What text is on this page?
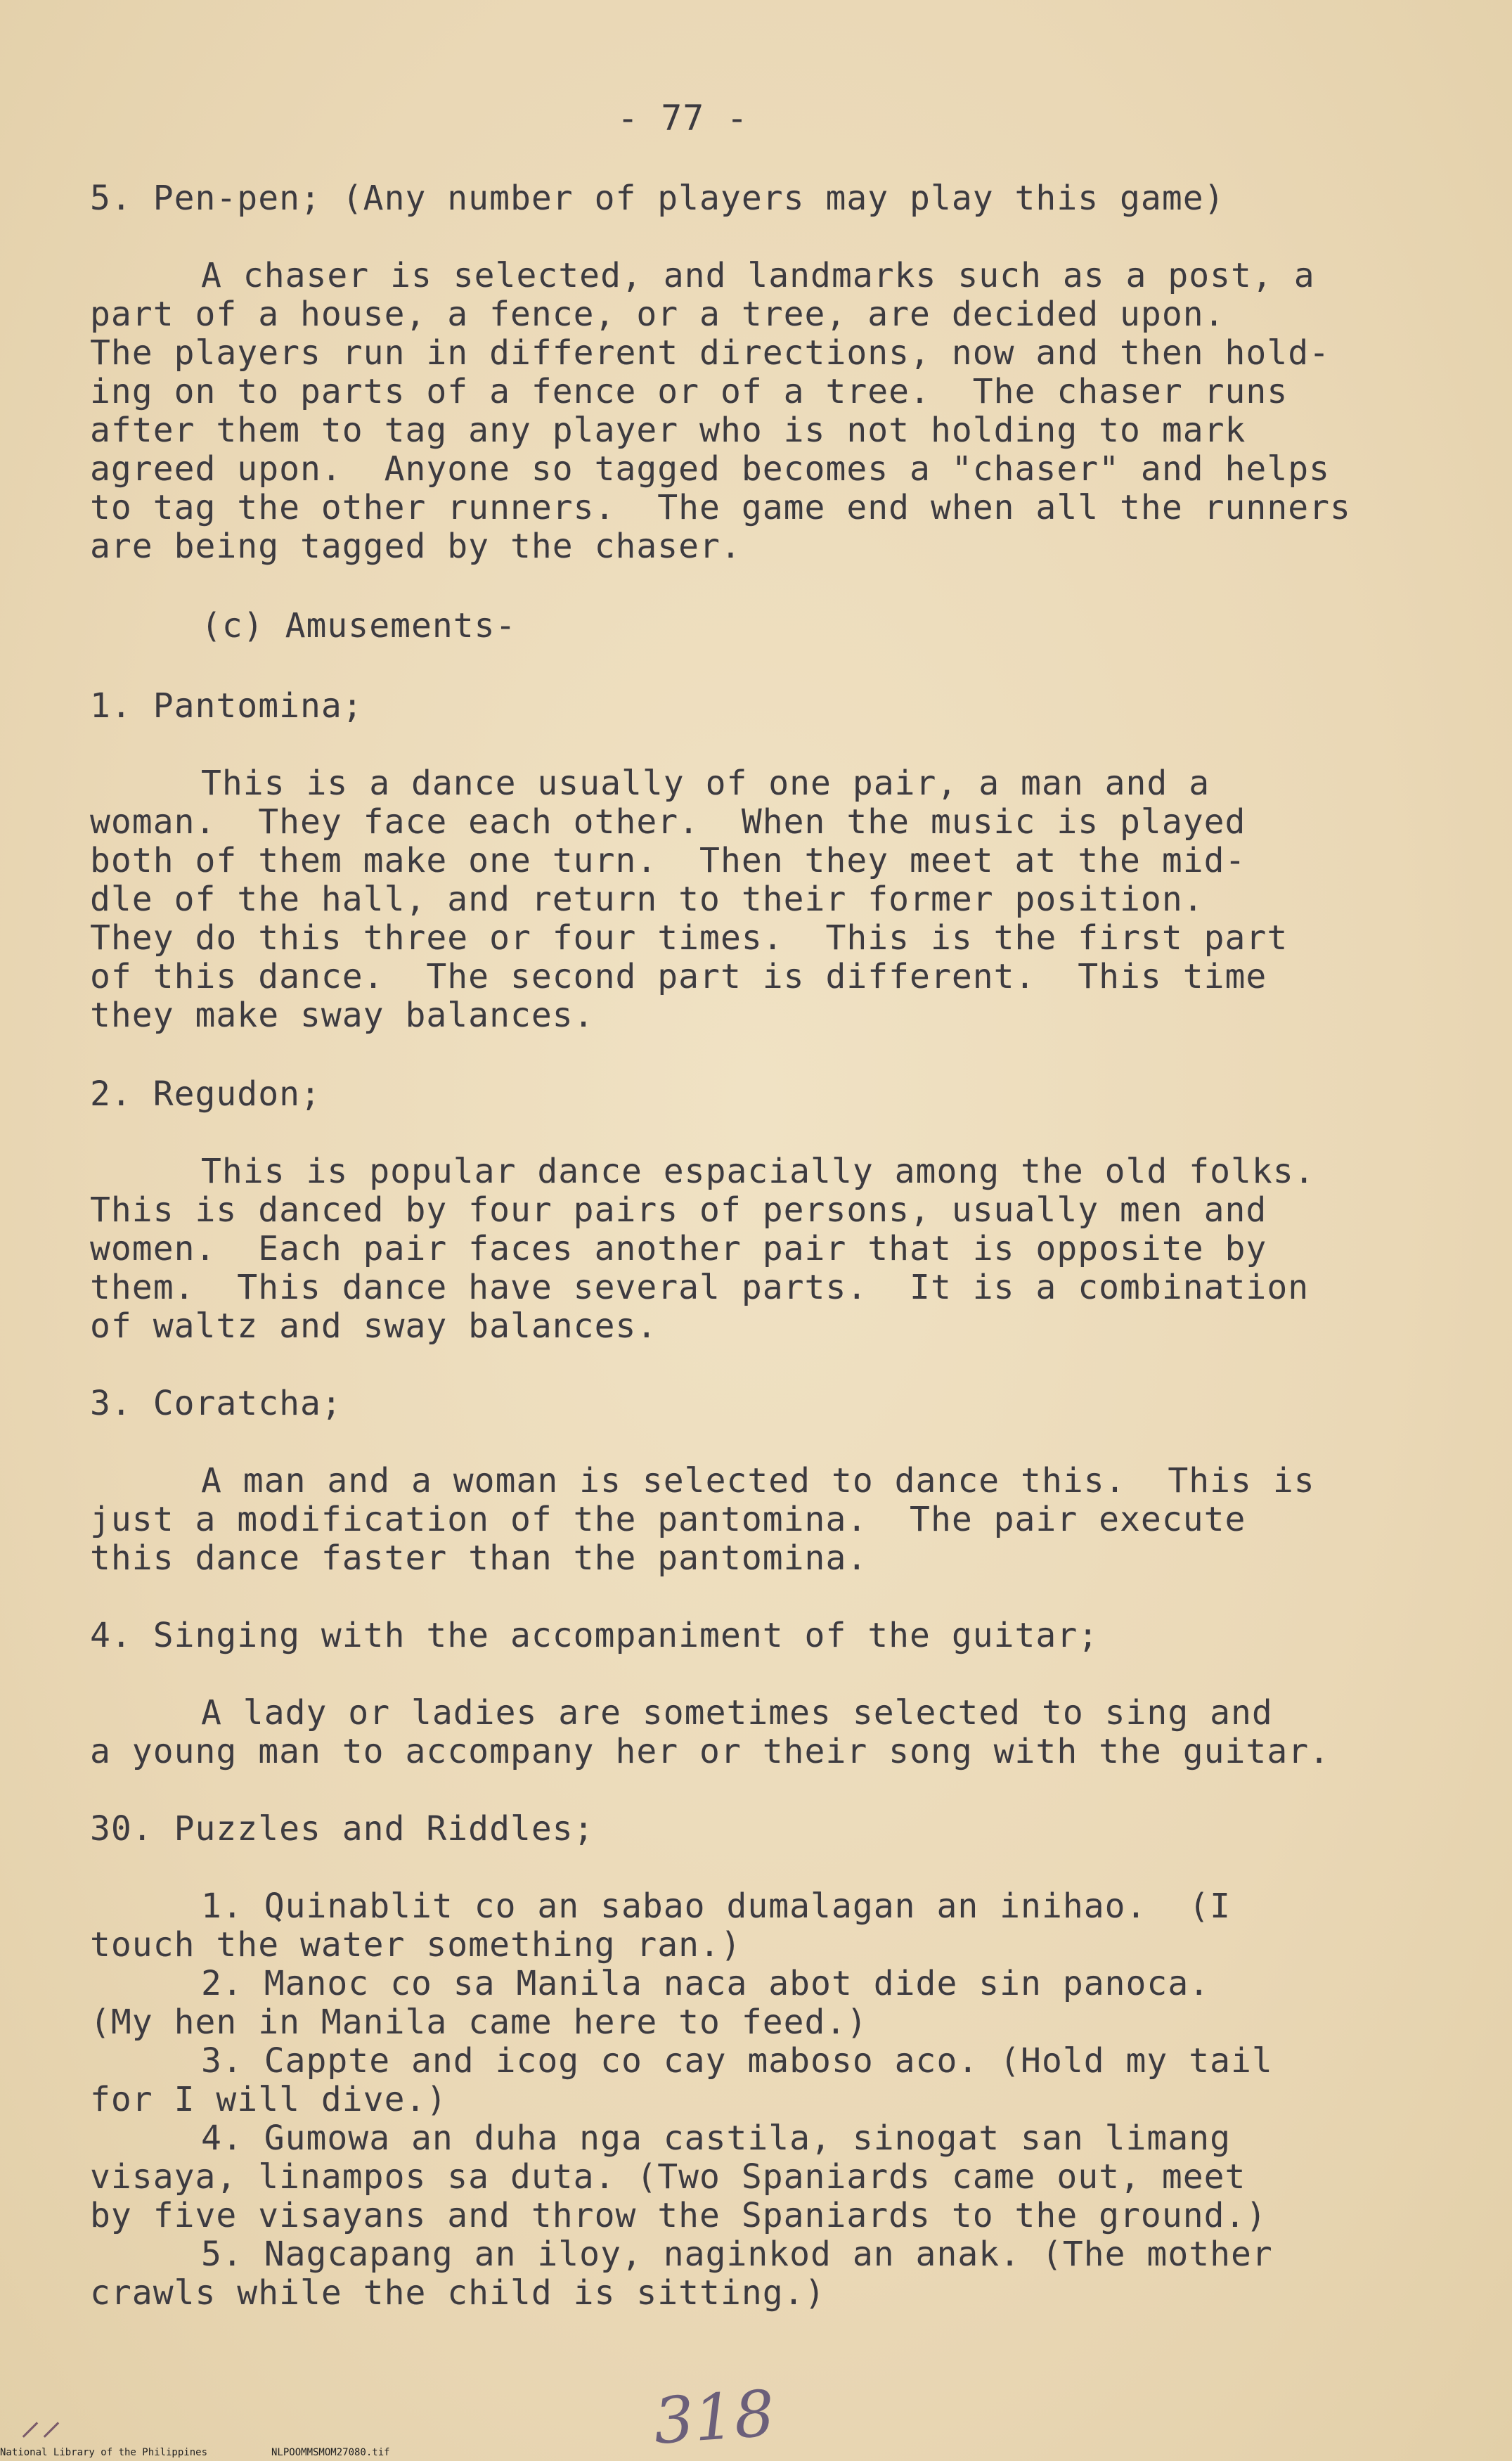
- 77 -
5. Pen-pen; (Any number of players may play this game)
A chaser is selected, and landmarks such as a post, a
part of a house, a fence, or a tree, are decided upon.
The players run in different directions, now and then hold-
ing on to parts of a fence or of a tree.  The chaser runs
after them to tag any player who is not holding to mark
agreed upon.  Anyone so tagged becomes a "chaser" and helps
to tag the other runners.  The game end when all the runners
are being tagged by the chaser.
(c) Amusements-
1. Pantomina;
This is a dance usually of one pair, a man and a
woman.  They face each other.  When the music is played
both of them make one turn.  Then they meet at the mid-
dle of the hall, and return to their former position.
They do this three or four times.  This is the first part
of this dance.  The second part is different.  This time
they make sway balances.
2. Regudon;
This is popular dance espacially among the old folks.
This is danced by four pairs of persons, usually men and
women.  Each pair faces another pair that is opposite by
them.  This dance have several parts.  It is a combination
of waltz and sway balances.
3. Coratcha;
A man and a woman is selected to dance this.  This is
just a modification of the pantomina.  The pair execute
this dance faster than the pantomina.
4. Singing with the accompaniment of the guitar;
A lady or ladies are sometimes selected to sing and
a young man to accompany her or their song with the guitar.
30. Puzzles and Riddles;
1. Quinablit co an sabao dumalagan an inihao.  (I
touch the water something ran.)
2. Manoc co sa Manila naca abot dide sin panoca.
(My hen in Manila came here to feed.)
3. Cappte and icog co cay maboso aco. (Hold my tail
for I will dive.)
4. Gumowa an duha nga castila, sinogat san limang
visaya, linampos sa duta. (Two Spaniards came out, meet
by five visayans and throw the Spaniards to the ground.)
5. Nagcapang an iloy, naginkod an anak. (The mother
crawls while the child is sitting.)
⸝⸝	318
National Library of the Philippines	NLPOOMMSMOM27080.tif
